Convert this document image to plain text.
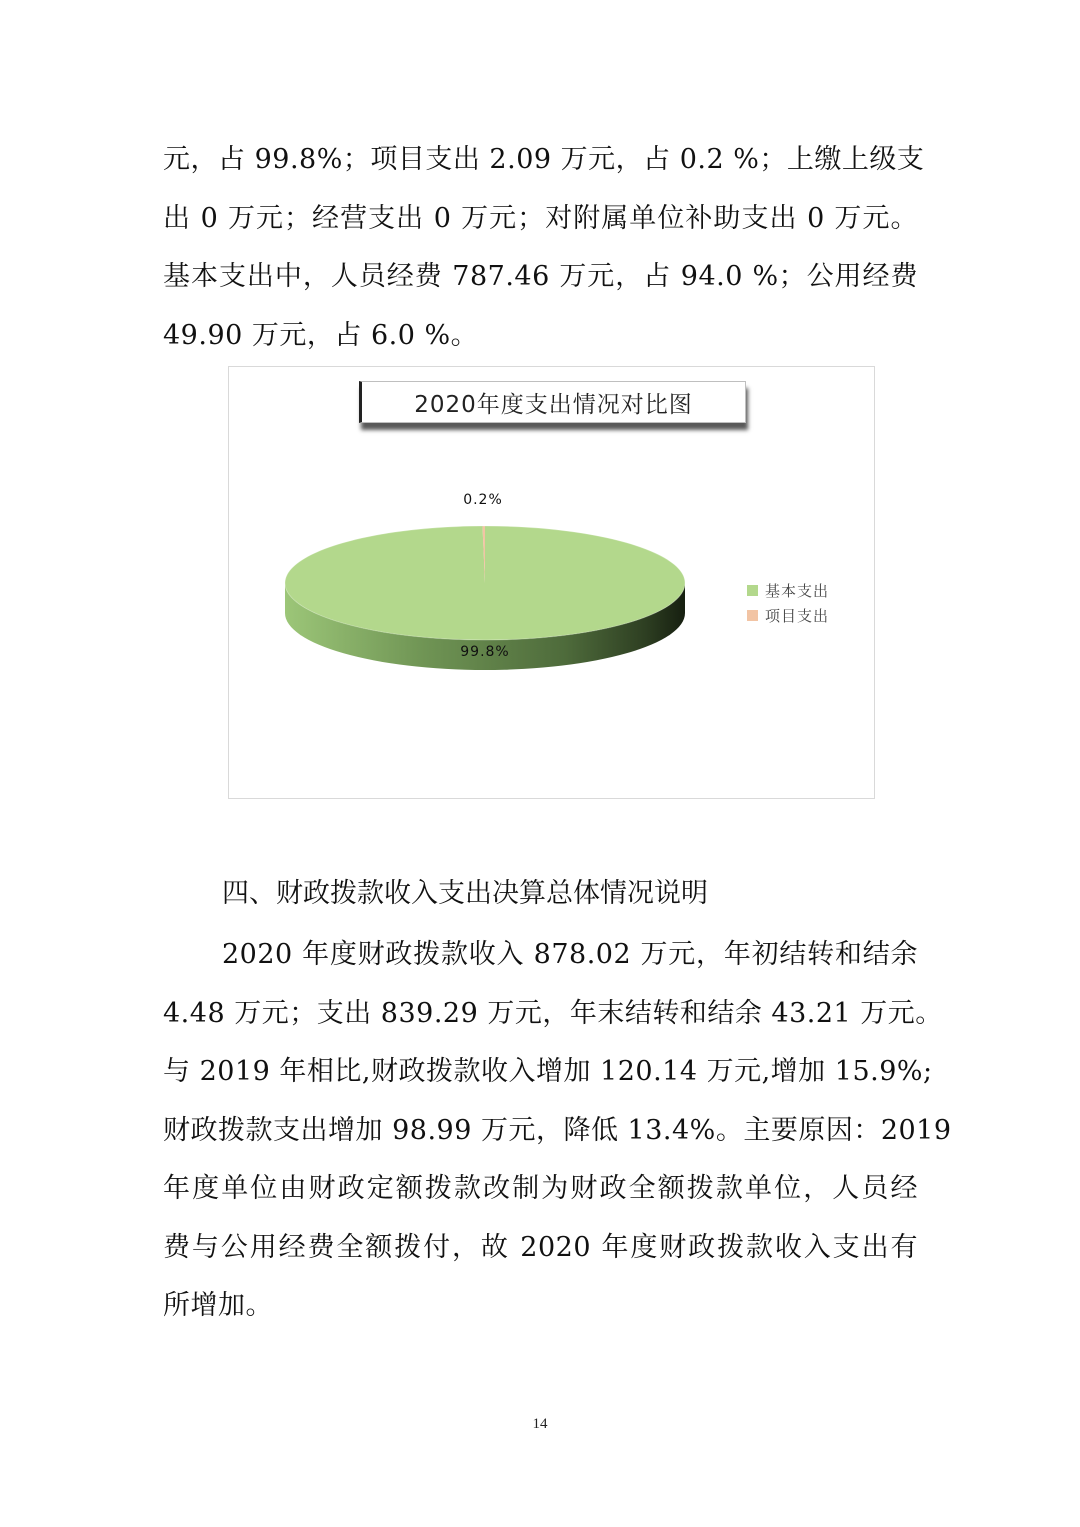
元，占 99.8%；项目支出 2.09 万元，占 0.2 %；上缴上级支
出 0 万元；经营支出 0 万元；对附属单位补助支出 0 万元。
基本支出中，人员经费 787.46 万元，占 94.0 %；公用经费
49.90 万元，占 6.0 %。

99.8%
0.2%
2020年度支出情况对比图
基本支出
项目支出
四、财政拨款收入支出决算总体情况说明

2020 年度财政拨款收入 878.02 万元，年初结转和结余
4.48 万元；支出 839.29 万元，年末结转和结余 43.21 万元。
与 2019 年相比,财政拨款收入增加 120.14 万元,增加 15.9%;
财政拨款支出增加 98.99 万元，降低 13.4%。主要原因：2019
年度单位由财政定额拨款改制为财政全额拨款单位，人员经
费与公用经费全额拨付，故 2020 年度财政拨款收入支出有
所增加。

14
